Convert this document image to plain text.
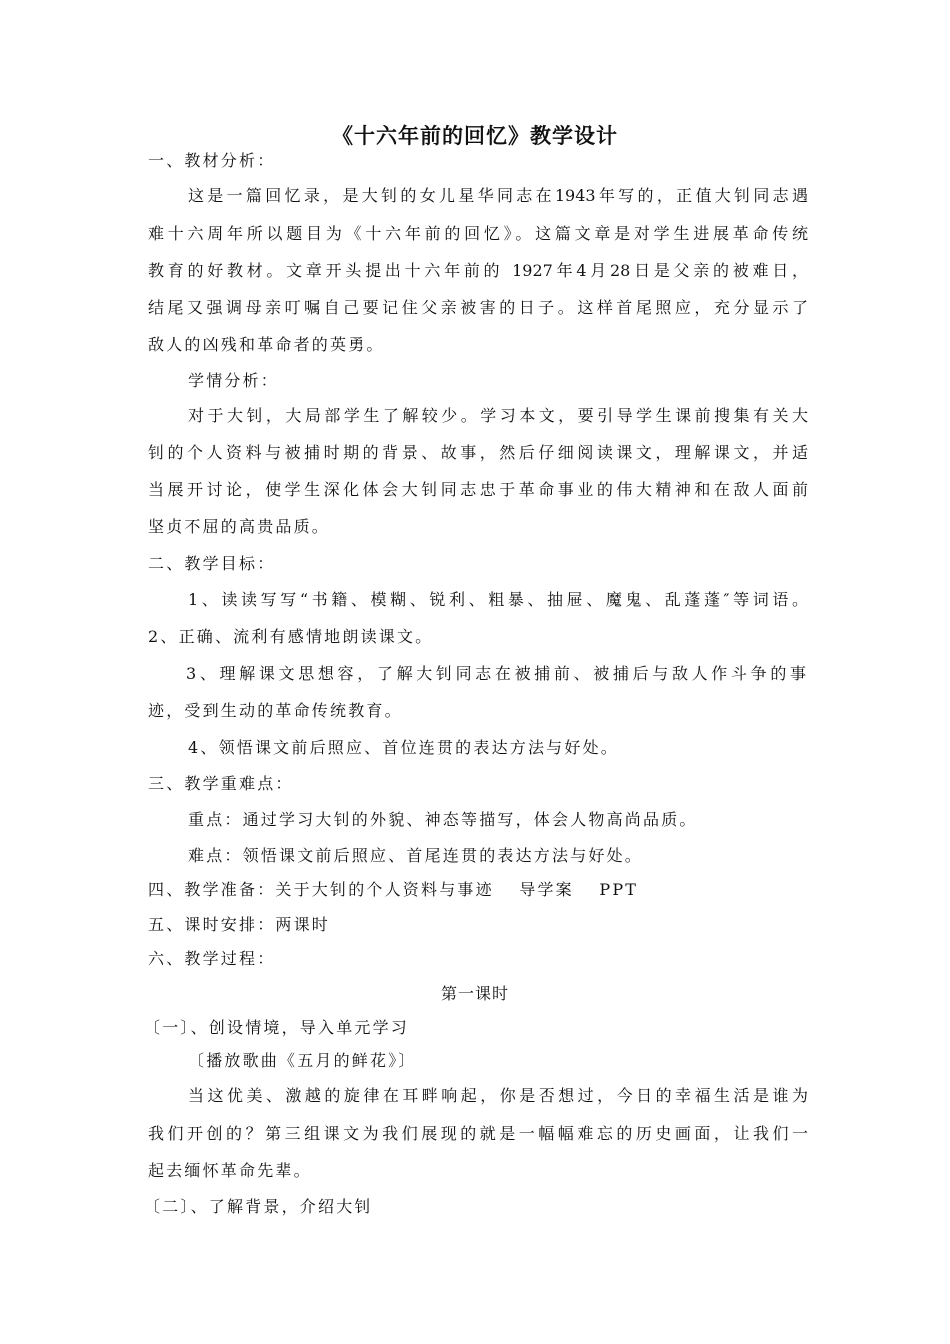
《十六年前的回忆》教学设计
一、教材分析：
这是一篇回忆录，是大钊的女儿星华同志在1943年写的，正值大钊同志遇
难十六周年所以题目为《十六年前的回忆》。这篇文章是对学生进展革命传统
教育的好教材。文章开头提出十六年前的 1927年4月28日是父亲的被难日，
结尾又强调母亲叮嘱自己要记住父亲被害的日子。这样首尾照应，充分显示了
敌人的凶残和革命者的英勇。
学情分析：
对于大钊，大局部学生了解较少。学习本文，要引导学生课前搜集有关大
钊的个人资料与被捕时期的背景、故事，然后仔细阅读课文，理解课文，并适
当展开讨论，使学生深化体会大钊同志忠于革命事业的伟大精神和在敌人面前
坚贞不屈的高贵品质。
二、教学目标：
1、读读写写“书籍、模糊、锐利、粗暴、抽屉、魔鬼、乱蓬蓬″等词语。
2、正确、流利有感情地朗读课文。
3、理解课文思想容，了解大钊同志在被捕前、被捕后与敌人作斗争的事
迹，受到生动的革命传统教育。
4、领悟课文前后照应、首位连贯的表达方法与好处。
三、教学重难点：
重点：通过学习大钊的外貌、神态等描写，体会人物高尚品质。
难点：领悟课文前后照应、首尾连贯的表达方法与好处。
四、教学准备：关于大钊的个人资料与事迹　 导学案　 PPT
五、课时安排：两课时
六、教学过程：
第一课时
〔一〕、创设情境，导入单元学习
〔播放歌曲《五月的鲜花》〕
当这优美、激越的旋律在耳畔响起，你是否想过，今日的幸福生活是谁为
我们开创的？第三组课文为我们展现的就是一幅幅难忘的历史画面，让我们一
起去缅怀革命先辈。
〔二〕、了解背景，介绍大钊
